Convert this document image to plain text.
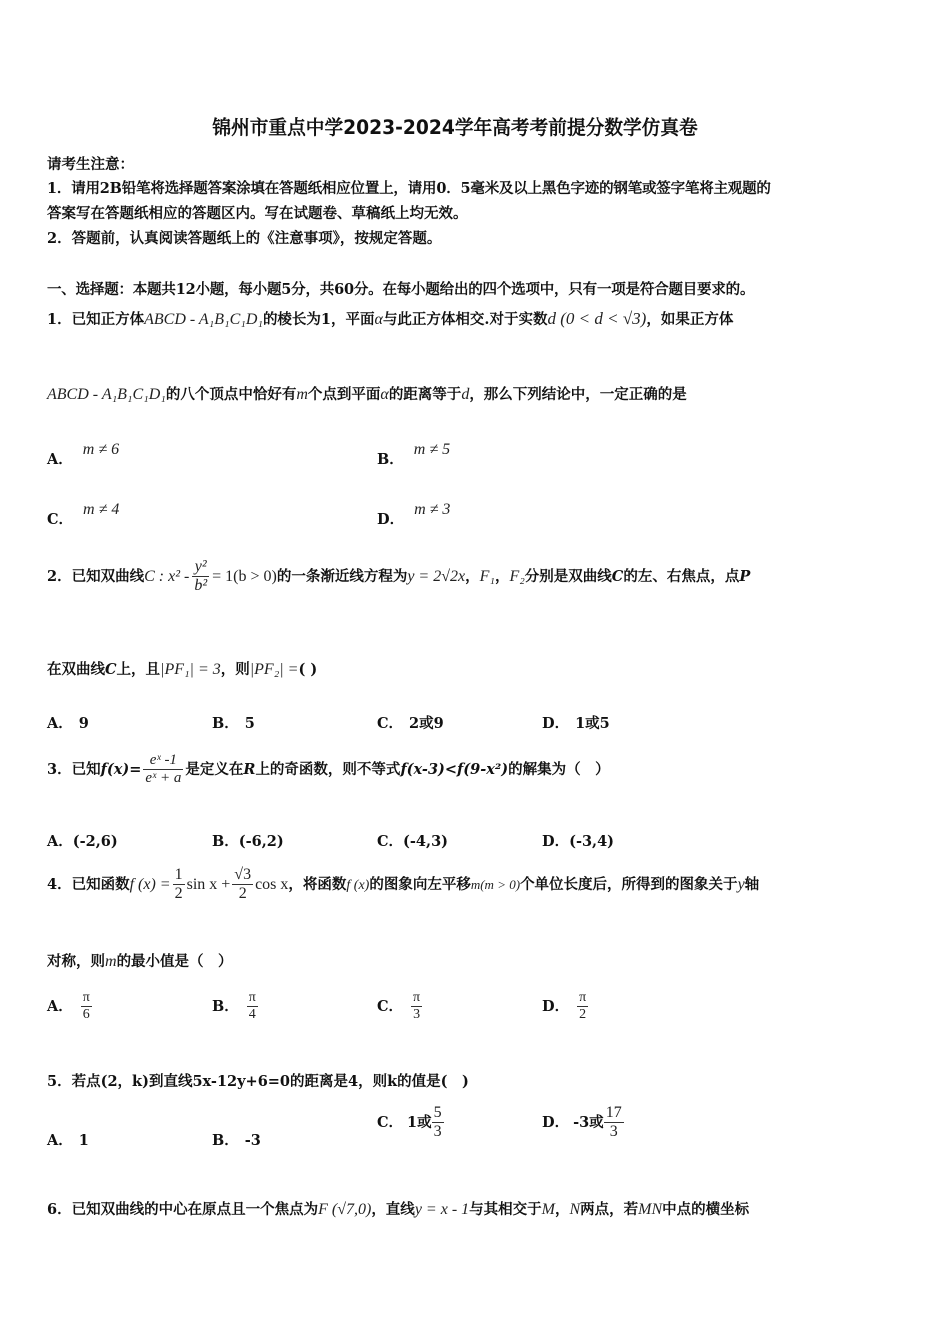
锦州市重点中学2023-2024学年高考考前提分数学仿真卷
请考生注意：
1．请用2B铅笔将选择题答案涂填在答题纸相应位置上，请用0．5毫米及以上黑色字迹的钢笔或签字笔将主观题的
答案写在答题纸相应的答题区内。写在试题卷、草稿纸上均无效。
2．答题前，认真阅读答题纸上的《注意事项》，按规定答题。
一、选择题：本题共12小题，每小题5分，共60分。在每小题给出的四个选项中，只有一项是符合题目要求的。
1．已知正方体ABCD - A₁B₁C₁D₁的棱长为1，平面α与此正方体相交.对于实数d (0 < d < √3)，如果正方体
ABCD - A₁B₁C₁D₁的八个顶点中恰好有m个点到平面α的距离等于d，那么下列结论中，一定正确的是
A．m ≠ 6
B．m ≠ 5
C．m ≠ 4
D．m ≠ 3
2．已知双曲线C : $x^2 - \frac{\text{y²}}{\text{b²}} = 1(b > 0)$的一条渐近线方程为y = 2√2x，F₁，F₂分别是双曲线C的左、右焦点，点P
在双曲线C上，且|PF₁| = 3，则|PF₂| =( )
A． 9	B． 5	C． 2或9	D． 1或5
3．已知$f(x)= \frac{\text{eˣ -1}}{\text{eˣ + a}}$ 是定义在R上的奇函数，则不等式f(x-3)<f(9-x²)的解集为（　）
A．(-2,6)	B．(-6,2)	C．(-4,3)	D．(-3,4)
4．已知函数f $(x) = \frac{1}{2}$ $\sin x + \frac{√3}{2}$ cos x，将函数f (x)的图象向左平移m(m > 0)个单位长度后，所得到的图象关于y轴
对称，则m的最小值是（　）
A． $\frac{\pi}{6}$	B． $\frac{\pi}{4}$	C． $\frac{\pi}{3}$	D． $\frac{\pi}{2}$
5．若点(2，k)到直线5x-12y+6=0的距离是4，则k的值是(　)
A． 1	B． -3
C． 1或 $\frac{5}{3}$	D． -3或 $\frac{17}{3}$
6．已知双曲线的中心在原点且一个焦点为F (√7,0)，直线y = x - 1与其相交于M，N两点，若MN中点的横坐标
